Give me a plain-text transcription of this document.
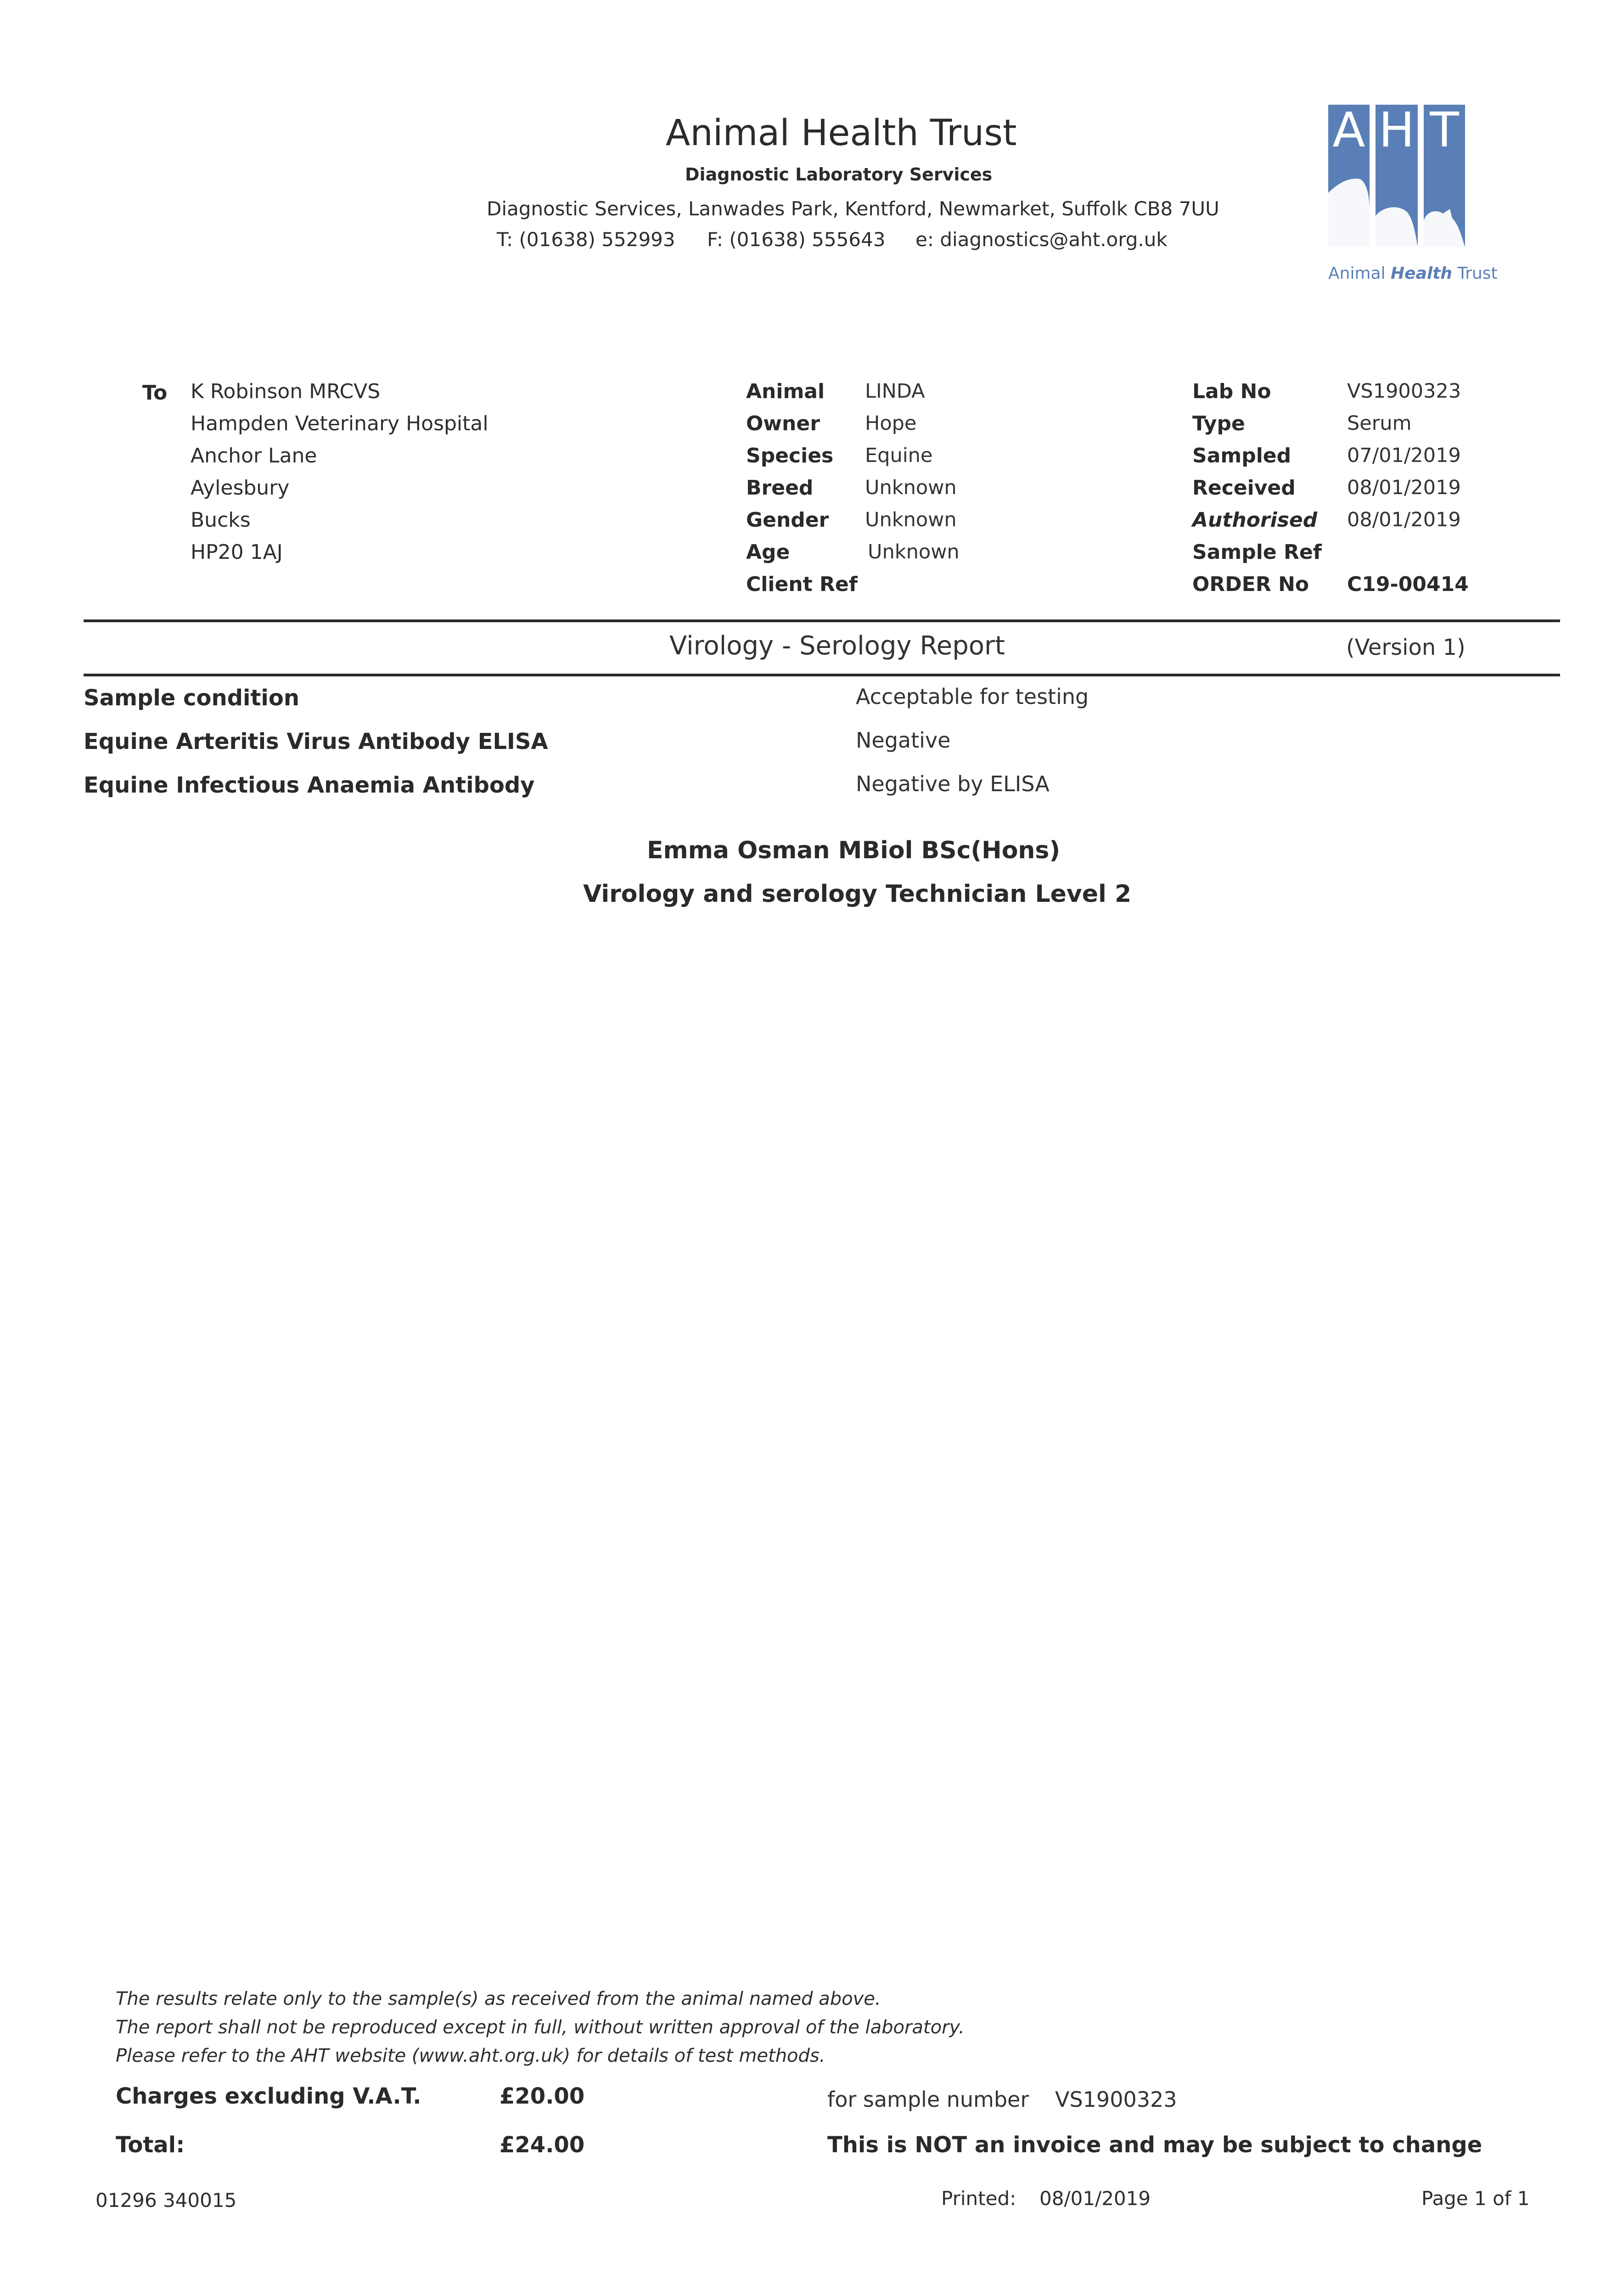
Animal Health Trust
Diagnostic Laboratory Services
Diagnostic Services, Lanwades Park, Kentford, Newmarket, Suffolk CB8 7UU
T: (01638) 552993 F: (01638) 555643 e: diagnostics@aht.org.uk
A H T
Animal Health Trust
To K Robinson MRCVS
Hampden Veterinary Hospital
Anchor Lane
Aylesbury
Bucks
HP20 1AJ
Animal LINDA
Owner Hope
Species Equine
Breed	Unknown
Gender Unknown
Age	Unknown
Client Ref
Lab No	VS1900323
Type	Serum
Sampled	07/01/2019
Received	08/01/2019
Authorised 08/01/2019
Sample Ref
ORDER No C19-00414
Virology - Serology Report	(Version 1)
Sample condition	Acceptable for testing
Equine Arteritis Virus Antibody ELISA	Negative
Equine Infectious Anaemia Antibody	Negative by ELISA
Emma Osman MBiol BSc(Hons)
Virology and serology Technician Level 2
The results relate only to the sample(s) as received from the animal named above.
The report shall not be reproduced except in full, without written approval of the laboratory.
Please refer to the AHT website (www.aht.org.uk) for details of test methods.
Charges excluding V.A.T.	£20.00
Total:	£24.00
for sample number VS1900323
This is NOT an invoice and may be subject to change
01296 340015	Printed: 08/01/2019	Page 1 of 1
